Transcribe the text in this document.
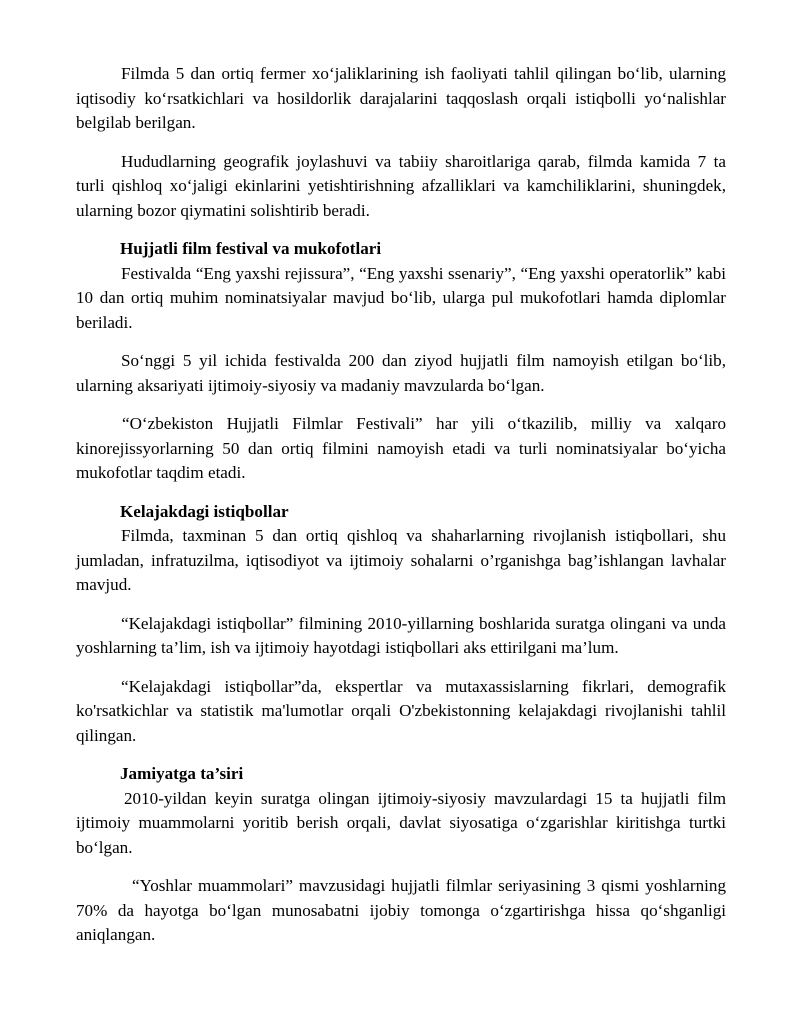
Filmda 5 dan ortiq fermer xo‘jaliklarining ish faoliyati tahlil qilingan bo‘lib, ularning iqtisodiy ko‘rsatkichlari va hosildorlik darajalarini taqqoslash orqali istiqbolli yo‘nalishlar belgilab berilgan.

Hududlarning geografik joylashuvi va tabiiy sharoitlariga qarab, filmda kamida 7 ta turli qishloq xo‘jaligi ekinlarini yetishtirishning afzalliklari va kamchiliklarini, shuningdek, ularning bozor qiymatini solishtirib beradi.

Hujjatli film festival va mukofotlari

Festivalda “Eng yaxshi rejissura”, “Eng yaxshi ssenariy”, “Eng yaxshi operatorlik” kabi 10 dan ortiq muhim nominatsiyalar mavjud bo‘lib, ularga pul mukofotlari hamda diplomlar beriladi.

So‘nggi 5 yil ichida festivalda 200 dan ziyod hujjatli film namoyish etilgan bo‘lib, ularning aksariyati ijtimoiy-siyosiy va madaniy mavzularda bo‘lgan.

“O‘zbekiston Hujjatli Filmlar Festivali” har yili o‘tkazilib, milliy va xalqaro kinorejissyorlarning 50 dan ortiq filmini namoyish etadi va turli nominatsiyalar bo‘yicha mukofotlar taqdim etadi.

Kelajakdagi istiqbollar

Filmda, taxminan 5 dan ortiq qishloq va shaharlarning rivojlanish istiqbollari, shu jumladan, infratuzilma, iqtisodiyot va ijtimoiy sohalarni o’rganishga bag’ishlangan lavhalar mavjud.

“Kelajakdagi istiqbollar” filmining 2010-yillarning boshlarida suratga olingani va unda yoshlarning ta’lim, ish va ijtimoiy hayotdagi istiqbollari aks ettirilgani ma’lum.

“Kelajakdagi istiqbollar”da, ekspertlar va mutaxassislarning fikrlari, demografik ko'rsatkichlar va statistik ma'lumotlar orqali O'zbekistonning kelajakdagi rivojlanishi tahlil qilingan.

Jamiyatga ta’siri

2010-yildan keyin suratga olingan ijtimoiy-siyosiy mavzulardagi 15 ta hujjatli film ijtimoiy muammolarni yoritib berish orqali, davlat siyosatiga o‘zgarishlar kiritishga turtki bo‘lgan.

“Yoshlar muammolari” mavzusidagi hujjatli filmlar seriyasining 3 qismi yoshlarning 70% da hayotga bo‘lgan munosabatni ijobiy tomonga o‘zgartirishga hissa qo‘shganligi aniqlangan.
